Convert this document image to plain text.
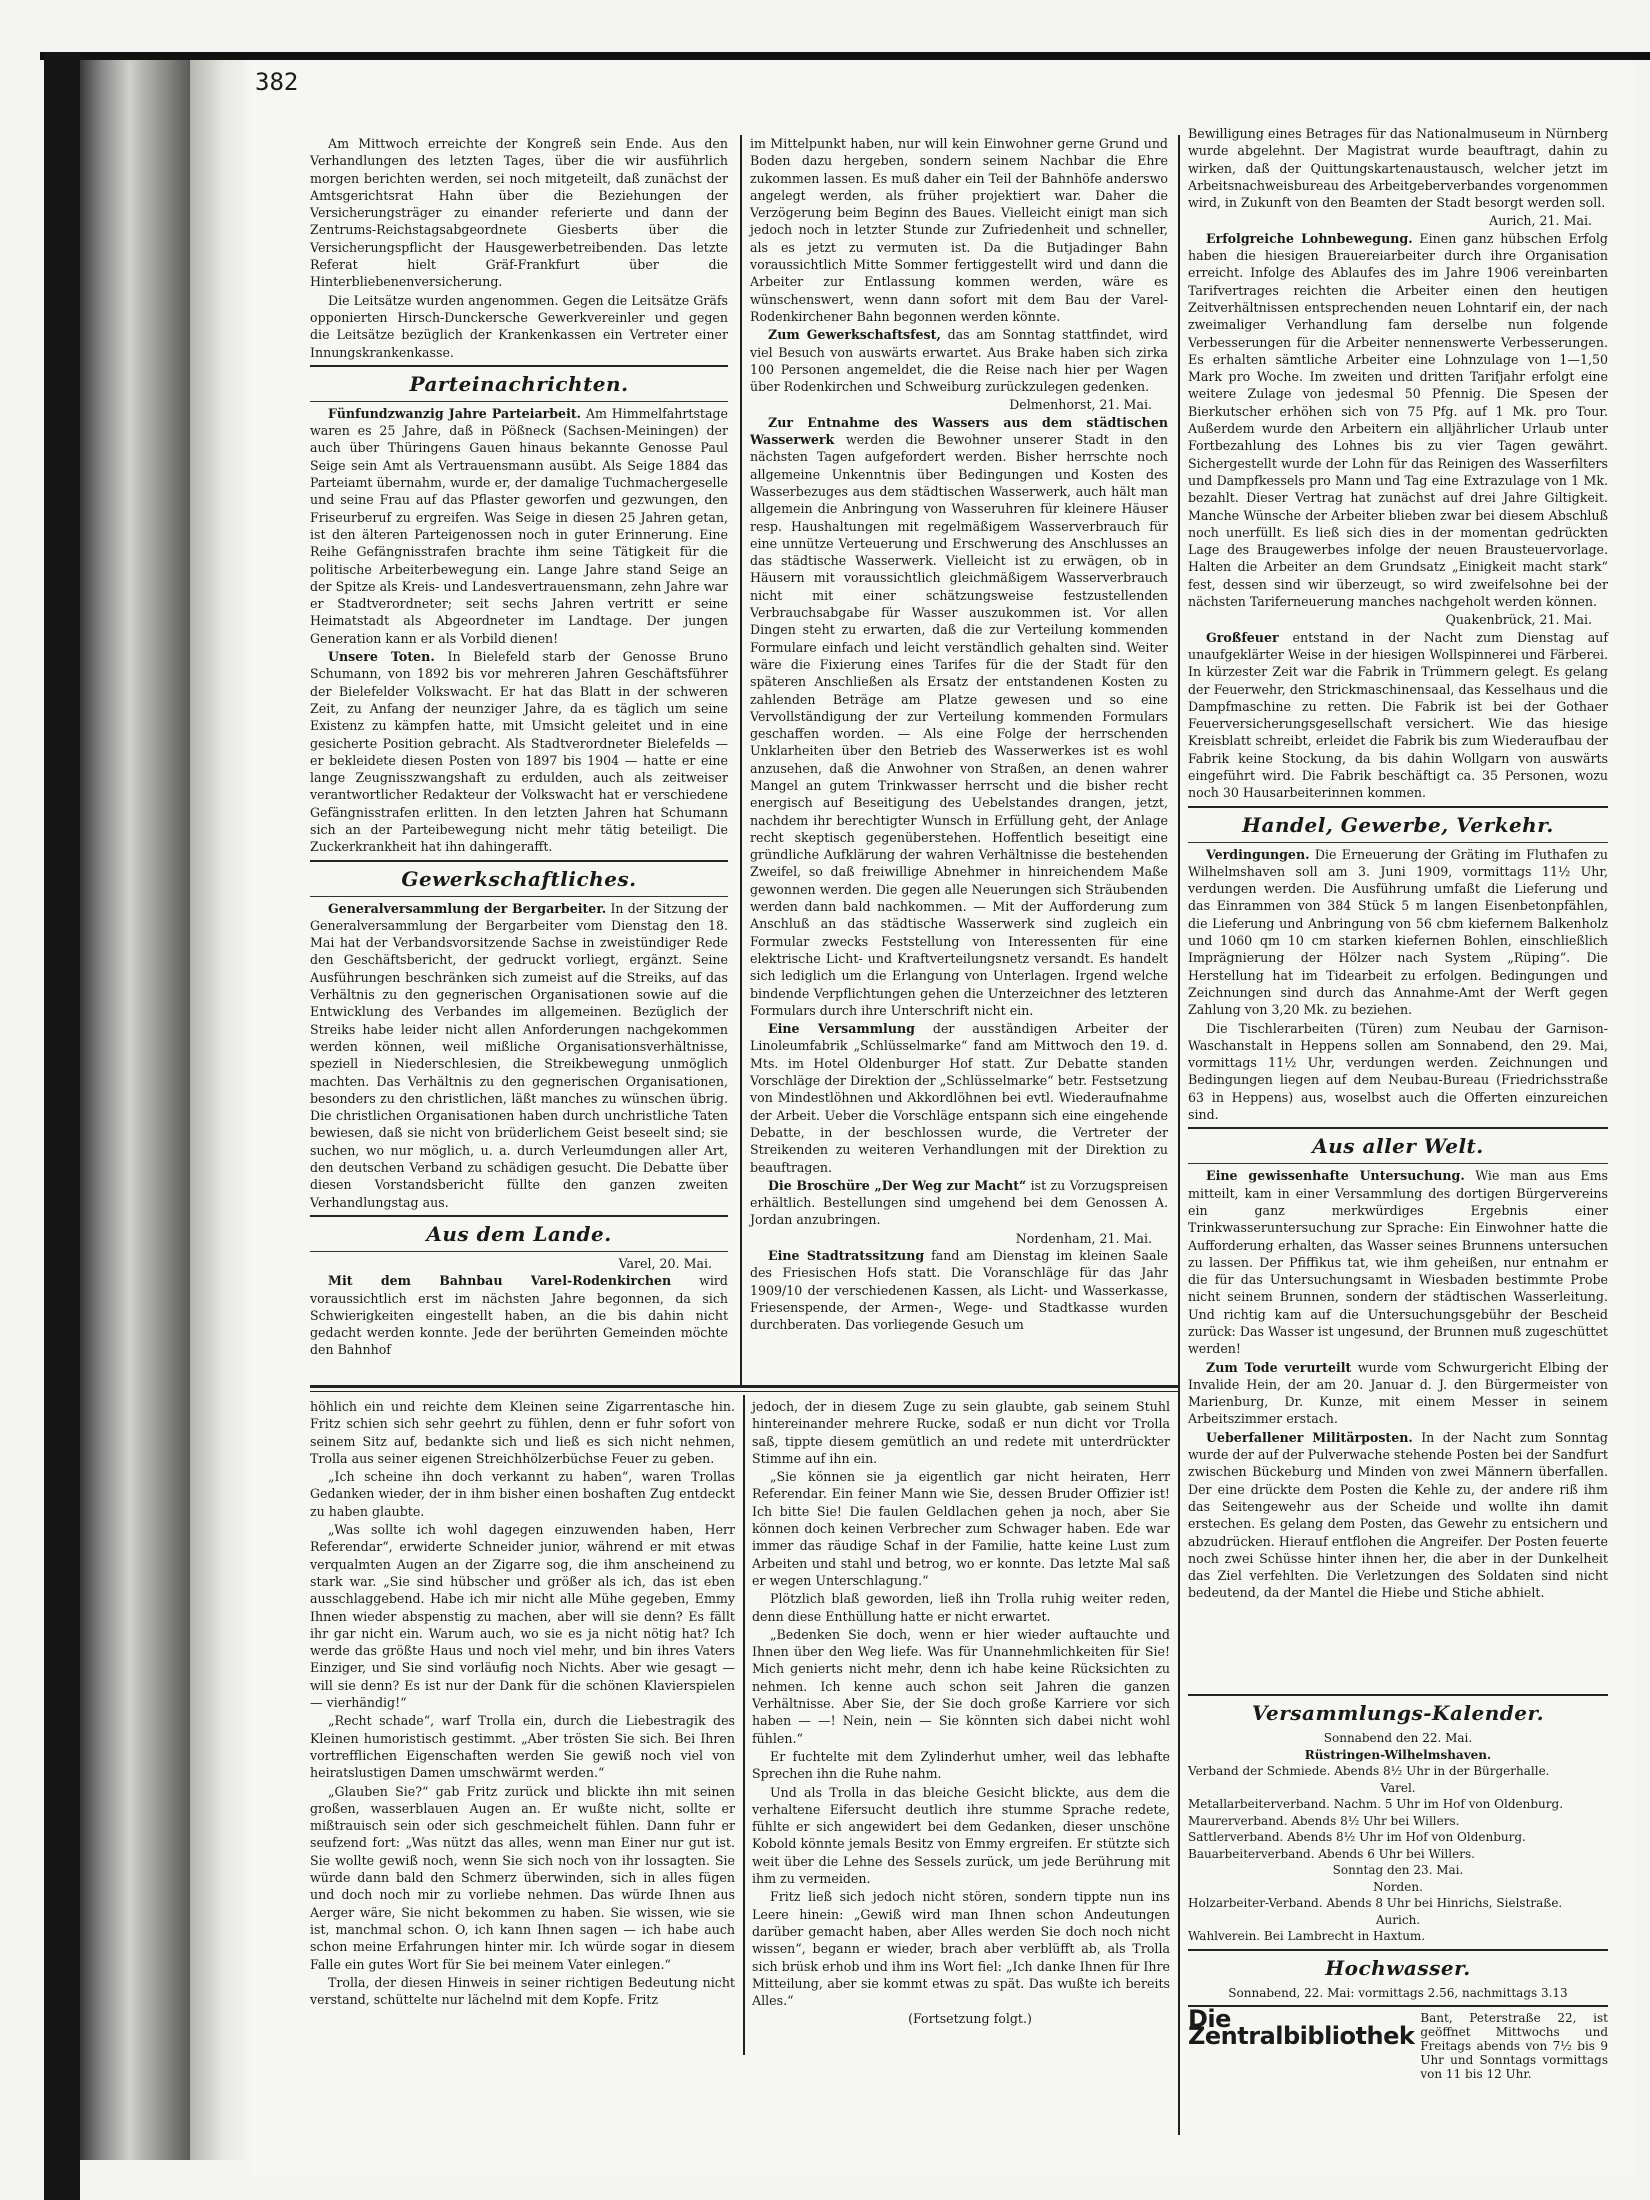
382

Am Mittwoch erreichte der Kongreß sein Ende. Aus den Verhandlungen des letzten Tages, über die wir ausführlich morgen berichten werden, sei noch mitgeteilt, daß zunächst der Amtsgerichtsrat Hahn über die Beziehungen der Versicherungsträger zu einander referierte und dann der Zentrums-Reichstagsabgeordnete Giesberts über die Versicherungspflicht der Hausgewerbetreibenden. Das letzte Referat hielt Gräf-Frankfurt über die Hinterbliebenenversicherung.

Die Leitsätze wurden angenommen. Gegen die Leitsätze Gräfs opponierten Hirsch-Dunckersche Gewerkvereinler und gegen die Leitsätze bezüglich der Krankenkassen ein Vertreter einer Innungskrankenkasse.

Parteinachrichten.

Fünfundzwanzig Jahre Parteiarbeit. Am Himmelfahrtstage waren es 25 Jahre, daß in Pößneck (Sachsen-Meiningen) der auch über Thüringens Gauen hinaus bekannte Genosse Paul Seige sein Amt als Vertrauensmann ausübt. Als Seige 1884 das Parteiamt übernahm, wurde er, der damalige Tuchmachergeselle und seine Frau auf das Pflaster geworfen und gezwungen, den Friseurberuf zu ergreifen. Was Seige in diesen 25 Jahren getan, ist den älteren Parteigenossen noch in guter Erinnerung. Eine Reihe Gefängnisstrafen brachte ihm seine Tätigkeit für die politische Arbeiterbewegung ein. Lange Jahre stand Seige an der Spitze als Kreis- und Landesvertrauensmann, zehn Jahre war er Stadtverordneter; seit sechs Jahren vertritt er seine Heimatstadt als Abgeordneter im Landtage. Der jungen Generation kann er als Vorbild dienen!

Unsere Toten. In Bielefeld starb der Genosse Bruno Schumann, von 1892 bis vor mehreren Jahren Geschäftsführer der Bielefelder Volkswacht. Er hat das Blatt in der schweren Zeit, zu Anfang der neunziger Jahre, da es täglich um seine Existenz zu kämpfen hatte, mit Umsicht geleitet und in eine gesicherte Position gebracht. Als Stadtverordneter Bielefelds — er bekleidete diesen Posten von 1897 bis 1904 — hatte er eine lange Zeugnisszwangshaft zu erdulden, auch als zeitweiser verantwortlicher Redakteur der Volkswacht hat er verschiedene Gefängnisstrafen erlitten. In den letzten Jahren hat Schumann sich an der Parteibewegung nicht mehr tätig beteiligt. Die Zuckerkrankheit hat ihn dahingerafft.

Gewerkschaftliches.

Generalversammlung der Bergarbeiter. In der Sitzung der Generalversammlung der Bergarbeiter vom Dienstag den 18. Mai hat der Verbandsvorsitzende Sachse in zweistündiger Rede den Geschäftsbericht, der gedruckt vorliegt, ergänzt. Seine Ausführungen beschränken sich zumeist auf die Streiks, auf das Verhältnis zu den gegnerischen Organisationen sowie auf die Entwicklung des Verbandes im allgemeinen. Bezüglich der Streiks habe leider nicht allen Anforderungen nachgekommen werden können, weil mißliche Organisationsverhältnisse, speziell in Niederschlesien, die Streikbewegung unmöglich machten. Das Verhältnis zu den gegnerischen Organisationen, besonders zu den christlichen, läßt manches zu wünschen übrig. Die christlichen Organisationen haben durch unchristliche Taten bewiesen, daß sie nicht von brüderlichem Geist beseelt sind; sie suchen, wo nur möglich, u. a. durch Verleumdungen aller Art, den deutschen Verband zu schädigen gesucht. Die Debatte über diesen Vorstandsbericht füllte den ganzen zweiten Verhandlungstag aus.

Aus dem Lande.
Varel, 20. Mai.

Mit dem Bahnbau Varel-Rodenkirchen wird voraussichtlich erst im nächsten Jahre begonnen, da sich Schwierigkeiten eingestellt haben, an die bis dahin nicht gedacht werden konnte. Jede der berührten Gemeinden möchte den Bahnhof

im Mittelpunkt haben, nur will kein Einwohner gerne Grund und Boden dazu hergeben, sondern seinem Nachbar die Ehre zukommen lassen. Es muß daher ein Teil der Bahnhöfe anderswo angelegt werden, als früher projektiert war. Daher die Verzögerung beim Beginn des Baues. Vielleicht einigt man sich jedoch noch in letzter Stunde zur Zufriedenheit und schneller, als es jetzt zu vermuten ist. Da die Butjadinger Bahn voraussichtlich Mitte Sommer fertiggestellt wird und dann die Arbeiter zur Entlassung kommen werden, wäre es wünschenswert, wenn dann sofort mit dem Bau der Varel-Rodenkirchener Bahn begonnen werden könnte.

Zum Gewerkschaftsfest, das am Sonntag stattfindet, wird viel Besuch von auswärts erwartet. Aus Brake haben sich zirka 100 Personen angemeldet, die die Reise nach hier per Wagen über Rodenkirchen und Schweiburg zurückzulegen gedenken.

Delmenhorst, 21. Mai.

Zur Entnahme des Wassers aus dem städtischen Wasserwerk werden die Bewohner unserer Stadt in den nächsten Tagen aufgefordert werden. Bisher herrschte noch allgemeine Unkenntnis über Bedingungen und Kosten des Wasserbezuges aus dem städtischen Wasserwerk, auch hält man allgemein die Anbringung von Wasseruhren für kleinere Häuser resp. Haushaltungen mit regelmäßigem Wasserverbrauch für eine unnütze Verteuerung und Erschwerung des Anschlusses an das städtische Wasserwerk. Vielleicht ist zu erwägen, ob in Häusern mit voraussichtlich gleichmäßigem Wasserverbrauch nicht mit einer schätzungsweise festzustellenden Verbrauchsabgabe für Wasser auszukommen ist. Vor allen Dingen steht zu erwarten, daß die zur Verteilung kommenden Formulare einfach und leicht verständlich gehalten sind. Weiter wäre die Fixierung eines Tarifes für die der Stadt für den späteren Anschließen als Ersatz der entstandenen Kosten zu zahlenden Beträge am Platze gewesen und so eine Vervollständigung der zur Verteilung kommenden Formulars geschaffen worden. — Als eine Folge der herrschenden Unklarheiten über den Betrieb des Wasserwerkes ist es wohl anzusehen, daß die Anwohner von Straßen, an denen wahrer Mangel an gutem Trinkwasser herrscht und die bisher recht energisch auf Beseitigung des Uebelstandes drangen, jetzt, nachdem ihr berechtigter Wunsch in Erfüllung geht, der Anlage recht skeptisch gegenüberstehen. Hoffentlich beseitigt eine gründliche Aufklärung der wahren Verhältnisse die bestehenden Zweifel, so daß freiwillige Abnehmer in hinreichendem Maße gewonnen werden. Die gegen alle Neuerungen sich Sträubenden werden dann bald nachkommen. — Mit der Aufforderung zum Anschluß an das städtische Wasserwerk sind zugleich ein Formular zwecks Feststellung von Interessenten für eine elektrische Licht- und Kraftverteilungsnetz versandt. Es handelt sich lediglich um die Erlangung von Unterlagen. Irgend welche bindende Verpflichtungen gehen die Unterzeichner des letzteren Formulars durch ihre Unterschrift nicht ein.

Eine Versammlung der ausständigen Arbeiter der Linoleumfabrik „Schlüsselmarke“ fand am Mittwoch den 19. d. Mts. im Hotel Oldenburger Hof statt. Zur Debatte standen Vorschläge der Direktion der „Schlüsselmarke“ betr. Festsetzung von Mindestlöhnen und Akkordlöhnen bei evtl. Wiederaufnahme der Arbeit. Ueber die Vorschläge entspann sich eine eingehende Debatte, in der beschlossen wurde, die Vertreter der Streikenden zu weiteren Verhandlungen mit der Direktion zu beauftragen.

Die Broschüre „Der Weg zur Macht“ ist zu Vorzugspreisen erhältlich. Bestellungen sind umgehend bei dem Genossen A. Jordan anzubringen.

Nordenham, 21. Mai.

Eine Stadtratssitzung fand am Dienstag im kleinen Saale des Friesischen Hofs statt. Die Voranschläge für das Jahr 1909/10 der verschiedenen Kassen, als Licht- und Wasserkasse, Friesenspende, der Armen-, Wege- und Stadtkasse wurden durchberaten. Das vorliegende Gesuch um

Bewilligung eines Betrages für das Nationalmuseum in Nürnberg wurde abgelehnt. Der Magistrat wurde beauftragt, dahin zu wirken, daß der Quittungskartenaustausch, welcher jetzt im Arbeitsnachweisbureau des Arbeitgeberverbandes vorgenommen wird, in Zukunft von den Beamten der Stadt besorgt werden soll.

Aurich, 21. Mai.

Erfolgreiche Lohnbewegung. Einen ganz hübschen Erfolg haben die hiesigen Brauereiarbeiter durch ihre Organisation erreicht. Infolge des Ablaufes des im Jahre 1906 vereinbarten Tarifvertrages reichten die Arbeiter einen den heutigen Zeitverhältnissen entsprechenden neuen Lohntarif ein, der nach zweimaliger Verhandlung fam derselbe nun folgende Verbesserungen für die Arbeiter nennenswerte Verbesserungen. Es erhalten sämtliche Arbeiter eine Lohnzulage von 1—1,50 Mark pro Woche. Im zweiten und dritten Tarifjahr erfolgt eine weitere Zulage von jedesmal 50 Pfennig. Die Spesen der Bierkutscher erhöhen sich von 75 Pfg. auf 1 Mk. pro Tour. Außerdem wurde den Arbeitern ein alljährlicher Urlaub unter Fortbezahlung des Lohnes bis zu vier Tagen gewährt. Sichergestellt wurde der Lohn für das Reinigen des Wasserfilters und Dampfkessels pro Mann und Tag eine Extrazulage von 1 Mk. bezahlt. Dieser Vertrag hat zunächst auf drei Jahre Giltigkeit. Manche Wünsche der Arbeiter blieben zwar bei diesem Abschluß noch unerfüllt. Es ließ sich dies in der momentan gedrückten Lage des Braugewerbes infolge der neuen Brausteuervorlage. Halten die Arbeiter an dem Grundsatz „Einigkeit macht stark“ fest, dessen sind wir überzeugt, so wird zweifelsohne bei der nächsten Tariferneuerung manches nachgeholt werden können.

Quakenbrück, 21. Mai.

Großfeuer entstand in der Nacht zum Dienstag auf unaufgeklärter Weise in der hiesigen Wollspinnerei und Färberei. In kürzester Zeit war die Fabrik in Trümmern gelegt. Es gelang der Feuerwehr, den Strickmaschinensaal, das Kesselhaus und die Dampfmaschine zu retten. Die Fabrik ist bei der Gothaer Feuerversicherungsgesellschaft versichert. Wie das hiesige Kreisblatt schreibt, erleidet die Fabrik bis zum Wiederaufbau der Fabrik keine Stockung, da bis dahin Wollgarn von auswärts eingeführt wird. Die Fabrik beschäftigt ca. 35 Personen, wozu noch 30 Hausarbeiterinnen kommen.

Handel, Gewerbe, Verkehr.

Verdingungen. Die Erneuerung der Gräting im Fluthafen zu Wilhelmshaven soll am 3. Juni 1909, vormittags 11½ Uhr, verdungen werden. Die Ausführung umfaßt die Lieferung und das Einrammen von 384 Stück 5 m langen Eisenbetonpfählen, die Lieferung und Anbringung von 56 cbm kiefernem Balkenholz und 1060 qm 10 cm starken kiefernen Bohlen, einschließlich Imprägnierung der Hölzer nach System „Rüping“. Die Herstellung hat im Tidearbeit zu erfolgen. Bedingungen und Zeichnungen sind durch das Annahme-Amt der Werft gegen Zahlung von 3,20 Mk. zu beziehen.

Die Tischlerarbeiten (Türen) zum Neubau der Garnison-Waschanstalt in Heppens sollen am Sonnabend, den 29. Mai, vormittags 11½ Uhr, verdungen werden. Zeichnungen und Bedingungen liegen auf dem Neubau-Bureau (Friedrichsstraße 63 in Heppens) aus, woselbst auch die Offerten einzureichen sind.

Aus aller Welt.

Eine gewissenhafte Untersuchung. Wie man aus Ems mitteilt, kam in einer Versammlung des dortigen Bürgervereins ein ganz merkwürdiges Ergebnis einer Trinkwasseruntersuchung zur Sprache: Ein Einwohner hatte die Aufforderung erhalten, das Wasser seines Brunnens untersuchen zu lassen. Der Pfiffikus tat, wie ihm geheißen, nur entnahm er die für das Untersuchungsamt in Wiesbaden bestimmte Probe nicht seinem Brunnen, sondern der städtischen Wasserleitung. Und richtig kam auf die Untersuchungsgebühr der Bescheid zurück: Das Wasser ist ungesund, der Brunnen muß zugeschüttet werden!

Zum Tode verurteilt wurde vom Schwurgericht Elbing der Invalide Hein, der am 20. Januar d. J. den Bürgermeister von Marienburg, Dr. Kunze, mit einem Messer in seinem Arbeitszimmer erstach.

Ueberfallener Militärposten. In der Nacht zum Sonntag wurde der auf der Pulverwache stehende Posten bei der Sandfurt zwischen Bückeburg und Minden von zwei Männern überfallen. Der eine drückte dem Posten die Kehle zu, der andere riß ihm das Seitengewehr aus der Scheide und wollte ihn damit erstechen. Es gelang dem Posten, das Gewehr zu entsichern und abzudrücken. Hierauf entflohen die Angreifer. Der Posten feuerte noch zwei Schüsse hinter ihnen her, die aber in der Dunkelheit das Ziel verfehlten. Die Verletzungen des Soldaten sind nicht bedeutend, da der Mantel die Hiebe und Stiche abhielt.

höhlich ein und reichte dem Kleinen seine Zigarrentasche hin. Fritz schien sich sehr geehrt zu fühlen, denn er fuhr sofort von seinem Sitz auf, bedankte sich und ließ es sich nicht nehmen, Trolla aus seiner eigenen Streichhölzerbüchse Feuer zu geben.

„Ich scheine ihn doch verkannt zu haben“, waren Trollas Gedanken wieder, der in ihm bisher einen boshaften Zug entdeckt zu haben glaubte.

„Was sollte ich wohl dagegen einzuwenden haben, Herr Referendar“, erwiderte Schneider junior, während er mit etwas verqualmten Augen an der Zigarre sog, die ihm anscheinend zu stark war. „Sie sind hübscher und größer als ich, das ist eben ausschlaggebend. Habe ich mir nicht alle Mühe gegeben, Emmy Ihnen wieder abspenstig zu machen, aber will sie denn? Es fällt ihr gar nicht ein. Warum auch, wo sie es ja nicht nötig hat? Ich werde das größte Haus und noch viel mehr, und bin ihres Vaters Einziger, und Sie sind vorläufig noch Nichts. Aber wie gesagt — will sie denn? Es ist nur der Dank für die schönen Klavierspielen — vierhändig!“

„Recht schade“, warf Trolla ein, durch die Liebestragik des Kleinen humoristisch gestimmt. „Aber trösten Sie sich. Bei Ihren vortrefflichen Eigenschaften werden Sie gewiß noch viel von heiratslustigen Damen umschwärmt werden.“

„Glauben Sie?“ gab Fritz zurück und blickte ihn mit seinen großen, wasserblauen Augen an. Er wußte nicht, sollte er mißtrauisch sein oder sich geschmeichelt fühlen. Dann fuhr er seufzend fort: „Was nützt das alles, wenn man Einer nur gut ist. Sie wollte gewiß noch, wenn Sie sich noch von ihr lossagten. Sie würde dann bald den Schmerz überwinden, sich in alles fügen und doch noch mir zu vorliebe nehmen. Das würde Ihnen aus Aerger wäre, Sie nicht bekommen zu haben. Sie wissen, wie sie ist, manchmal schon. O, ich kann Ihnen sagen — ich habe auch schon meine Erfahrungen hinter mir. Ich würde sogar in diesem Falle ein gutes Wort für Sie bei meinem Vater einlegen.“

Trolla, der diesen Hinweis in seiner richtigen Bedeutung nicht verstand, schüttelte nur lächelnd mit dem Kopfe. Fritz

jedoch, der in diesem Zuge zu sein glaubte, gab seinem Stuhl hintereinander mehrere Rucke, sodaß er nun dicht vor Trolla saß, tippte diesem gemütlich an und redete mit unterdrückter Stimme auf ihn ein.

„Sie können sie ja eigentlich gar nicht heiraten, Herr Referendar. Ein feiner Mann wie Sie, dessen Bruder Offizier ist! Ich bitte Sie! Die faulen Geldlachen gehen ja noch, aber Sie können doch keinen Verbrecher zum Schwager haben. Ede war immer das räudige Schaf in der Familie, hatte keine Lust zum Arbeiten und stahl und betrog, wo er konnte. Das letzte Mal saß er wegen Unterschlagung.“

Plötzlich blaß geworden, ließ ihn Trolla ruhig weiter reden, denn diese Enthüllung hatte er nicht erwartet.

„Bedenken Sie doch, wenn er hier wieder auftauchte und Ihnen über den Weg liefe. Was für Unannehmlichkeiten für Sie! Mich genierts nicht mehr, denn ich habe keine Rücksichten zu nehmen. Ich kenne auch schon seit Jahren die ganzen Verhältnisse. Aber Sie, der Sie doch große Karriere vor sich haben — —! Nein, nein — Sie könnten sich dabei nicht wohl fühlen.“

Er fuchtelte mit dem Zylinderhut umher, weil das lebhafte Sprechen ihn die Ruhe nahm.

Und als Trolla in das bleiche Gesicht blickte, aus dem die verhaltene Eifersucht deutlich ihre stumme Sprache redete, fühlte er sich angewidert bei dem Gedanken, dieser unschöne Kobold könnte jemals Besitz von Emmy ergreifen. Er stützte sich weit über die Lehne des Sessels zurück, um jede Berührung mit ihm zu vermeiden.

Fritz ließ sich jedoch nicht stören, sondern tippte nun ins Leere hinein: „Gewiß wird man Ihnen schon Andeutungen darüber gemacht haben, aber Alles werden Sie doch noch nicht wissen“, begann er wieder, brach aber verblüfft ab, als Trolla sich brüsk erhob und ihm ins Wort fiel: „Ich danke Ihnen für Ihre Mitteilung, aber sie kommt etwas zu spät. Das wußte ich bereits Alles.“

(Fortsetzung folgt.)

Versammlungs-Kalender.
Sonnabend den 22. Mai.
Rüstringen-Wilhelmshaven.
Verband der Schmiede. Abends 8½ Uhr in der Bürgerhalle.
Varel.
Metallarbeiterverband. Nachm. 5 Uhr im Hof von Oldenburg.
Maurerverband. Abends 8½ Uhr bei Willers.
Sattlerverband. Abends 8½ Uhr im Hof von Oldenburg.
Bauarbeiterverband. Abends 6 Uhr bei Willers.
Sonntag den 23. Mai.
Norden.
Holzarbeiter-Verband. Abends 8 Uhr bei Hinrichs, Sielstraße.
Aurich.
Wahlverein. Bei Lambrecht in Haxtum.
Hochwasser.
Sonnabend, 22. Mai: vormittags 2.56, nachmittags 3.13
Die Zentralbibliothek
Bant, Peterstraße 22, ist geöffnet Mittwochs und Freitags abends von 7½ bis 9 Uhr und Sonntags vormittags von 11 bis 12 Uhr.
